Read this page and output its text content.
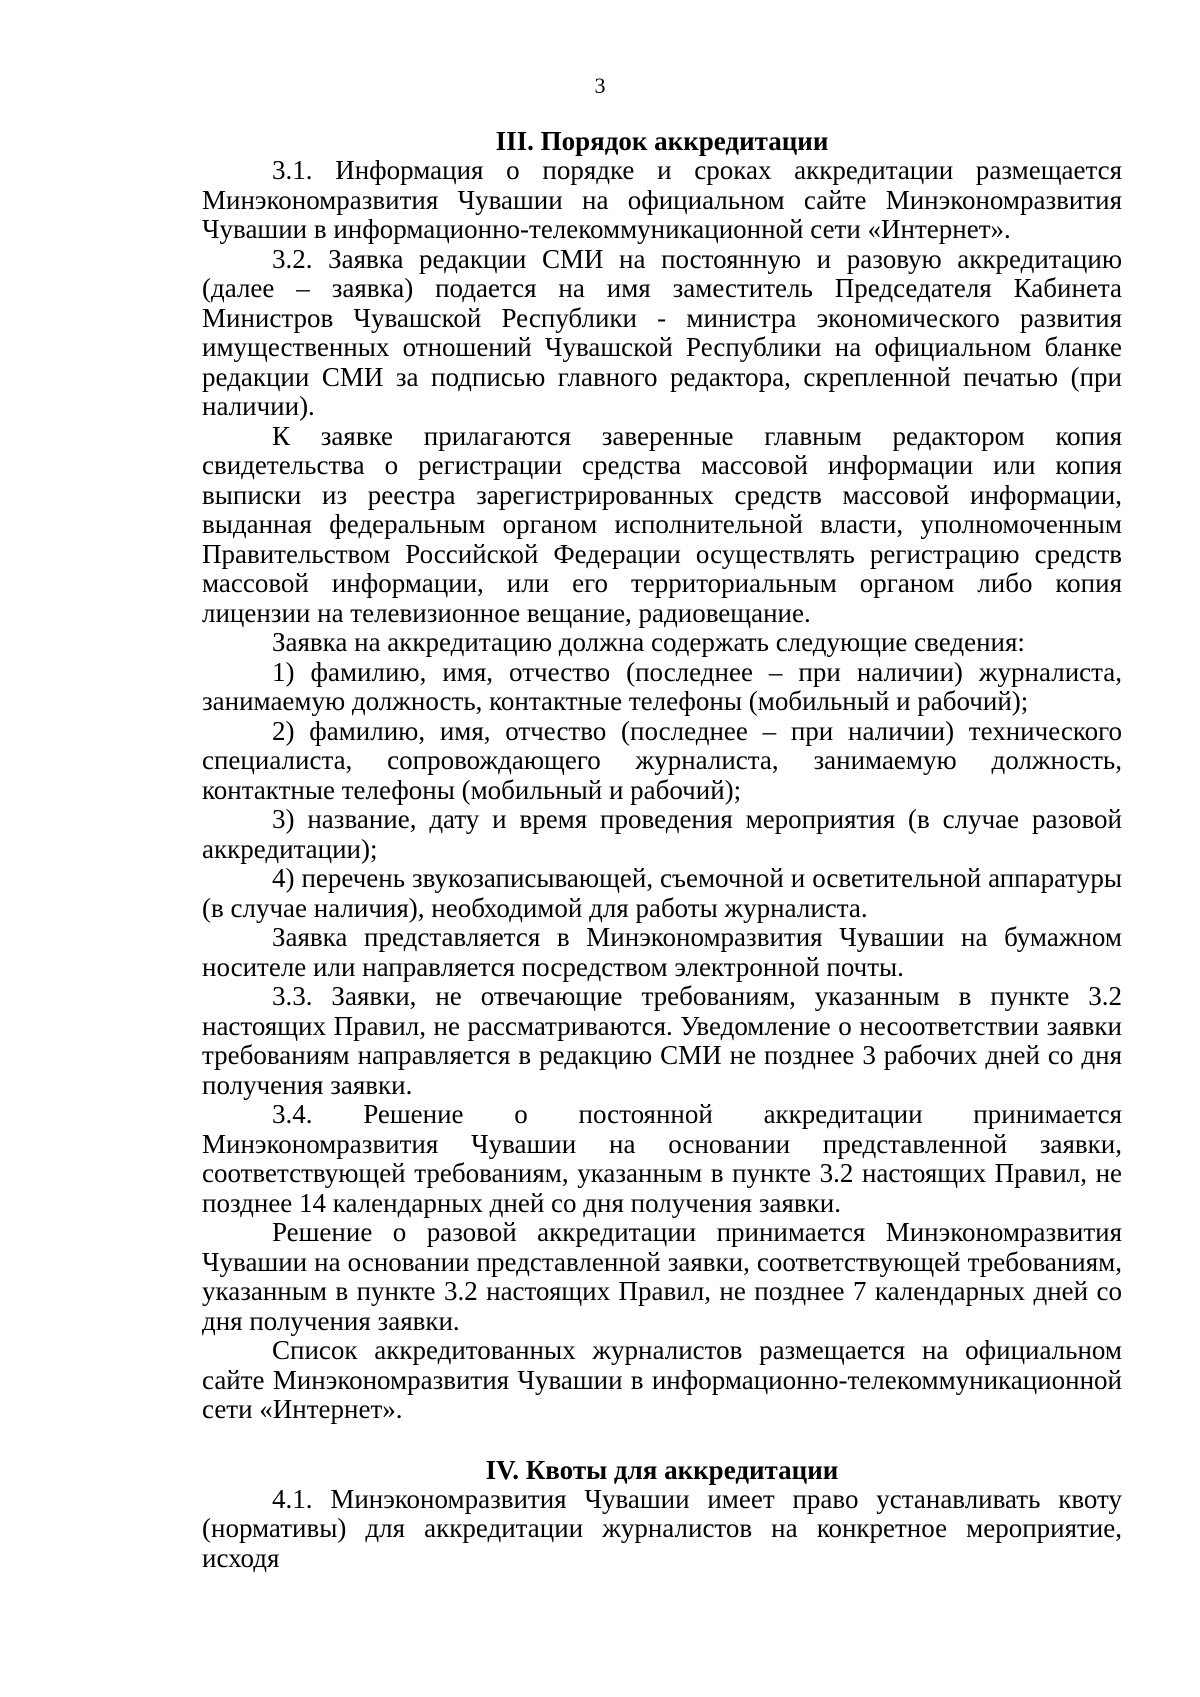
3
III. Порядок аккредитации

3.1. Информация о порядке и сроках аккредитации размещается Минэкономразвития Чувашии на официальном сайте Минэкономразвития Чувашии в информационно-телекоммуникационной сети «Интернет».

3.2. Заявка редакции СМИ на постоянную и разовую аккредитацию (далее – заявка) подается на имя заместитель Председателя Кабинета Министров Чувашской Республики - министра экономического развития имущественных отношений Чувашской Республики на официальном бланке редакции СМИ за подписью главного редактора, скрепленной печатью (при наличии).

К заявке прилагаются заверенные главным редактором копия свидетельства о регистрации средства массовой информации или копия выписки из реестра зарегистрированных средств массовой информации, выданная федеральным органом исполнительной власти, уполномоченным Правительством Российской Федерации осуществлять регистрацию средств массовой информации, или его территориальным органом либо копия лицензии на телевизионное вещание, радиовещание.

Заявка на аккредитацию должна содержать следующие сведения:

1) фамилию, имя, отчество (последнее – при наличии) журналиста, занимаемую должность, контактные телефоны (мобильный и рабочий);

2) фамилию, имя, отчество (последнее – при наличии) технического специалиста, сопровождающего журналиста, занимаемую должность, контактные телефоны (мобильный и рабочий);

3) название, дату и время проведения мероприятия (в случае разовой аккредитации);

4) перечень звукозаписывающей, съемочной и осветительной аппаратуры (в случае наличия), необходимой для работы журналиста.

Заявка представляется в Минэкономразвития Чувашии на бумажном носителе или направляется посредством электронной почты.

3.3. Заявки, не отвечающие требованиям, указанным в пункте 3.2 настоящих Правил, не рассматриваются. Уведомление о несоответствии заявки требованиям направляется в редакцию СМИ не позднее 3 рабочих дней со дня получения заявки.

3.4. Решение о постоянной аккредитации принимается Минэкономразвития Чувашии на основании представленной заявки, соответствующей требованиям, указанным в пункте 3.2 настоящих Правил, не позднее 14 календарных дней со дня получения заявки.

Решение о разовой аккредитации принимается Минэкономразвития Чувашии на основании представленной заявки, соответствующей требованиям, указанным в пункте 3.2 настоящих Правил, не позднее 7 календарных дней со дня получения заявки.

Список аккредитованных журналистов размещается на официальном сайте Минэкономразвития Чувашии в информационно-телекоммуникационной сети «Интернет».

IV. Квоты для аккредитации

4.1. Минэкономразвития Чувашии имеет право устанавливать квоту (нормативы) для аккредитации журналистов на конкретное мероприятие, исходя
